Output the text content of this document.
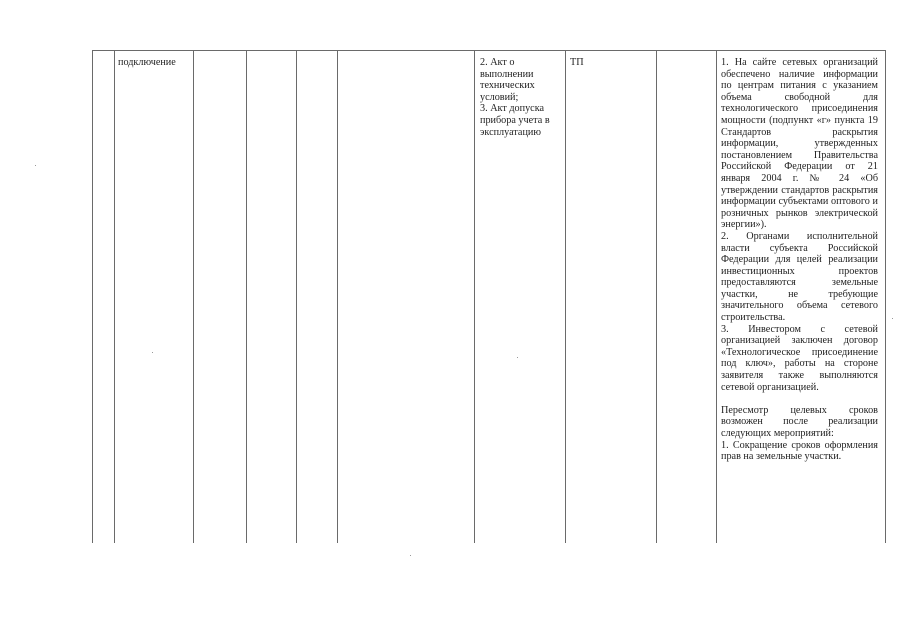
подключение	2. Акт о выполнении технических условий;
3. Акт допуска прибора учета в эксплуатацию
ТП	1. На сайте сетевых организаций обеспечено наличие информации по центрам питания с указанием объема свободной для технологического присоединения мощности (подпункт «г» пункта 19 Стандартов раскрытия информации, утвержденных постановлением Правительства Российской Федерации от 21 января 2004 г. № 24 «Об утверждении стандартов раскрытия информации субъектами оптового и розничных рынков электрической энергии»).

2. Органами исполнительной власти субъекта Российской Федерации для целей реализации инвестиционных проектов предоставляются земельные участки, не требующие значительного объема сетевого строительства.

3. Инвестором с сетевой организацией заключен договор «Технологическое присоединение под ключ», работы на стороне заявителя также выполняются сетевой организацией.

Пересмотр целевых сроков возможен после реализации следующих мероприятий:

1. Сокращение сроков оформления прав на земельные участки.
